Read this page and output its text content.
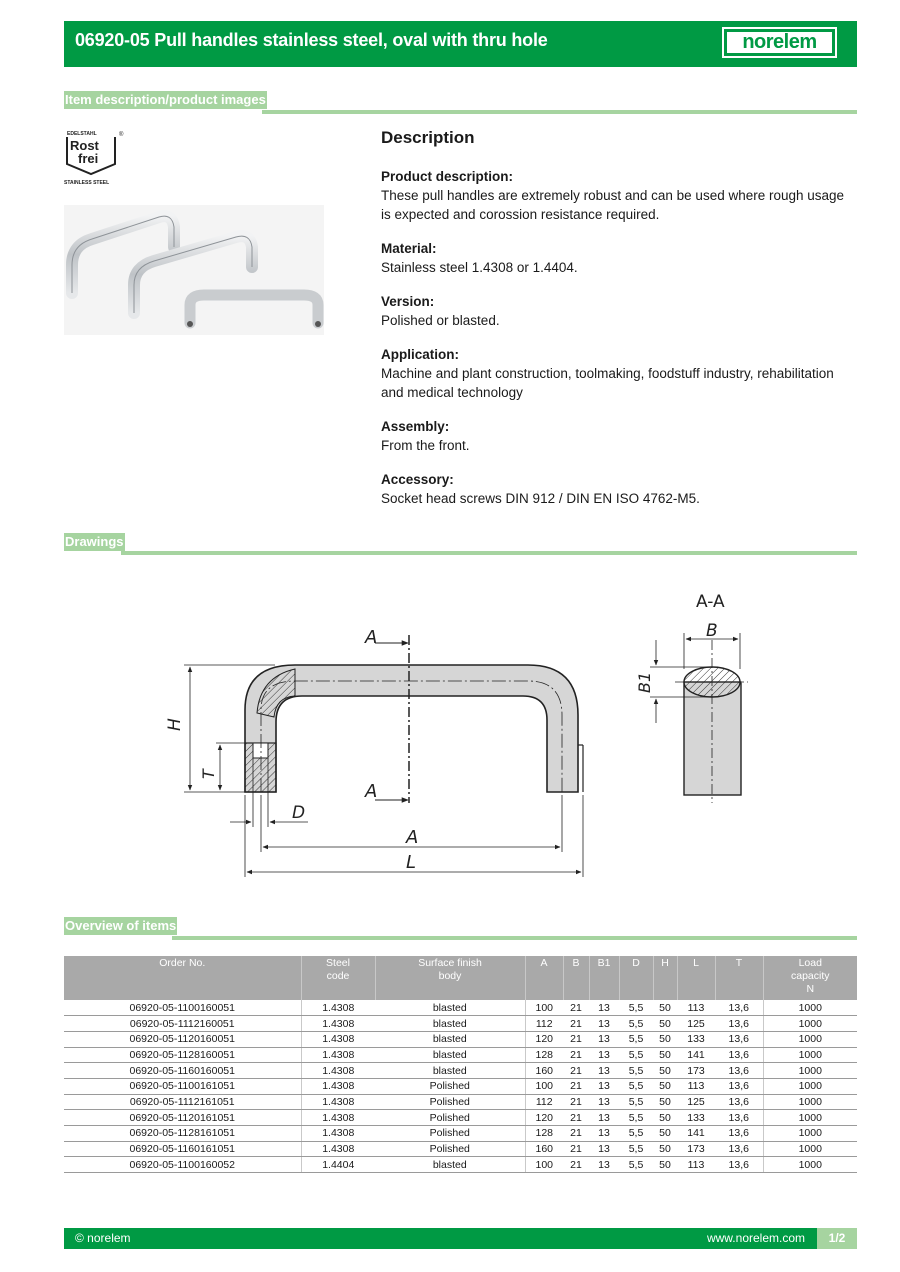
06920-05 Pull handles stainless steel, oval with thru hole	norelem
Item description/product images
EDELSTAHL	®
Rost
frei
STAINLESS STEEL
Description
Product description:
These pull handles are extremely robust and can be used where rough usage is expected and corossion resistance required.
Material:
Stainless steel 1.4308 or 1.4404.
Version:
Polished or blasted.
Application:
Machine and plant construction, toolmaking, foodstuff industry, rehabilitation and medical technology
Assembly:
From the front.
Accessory:
Socket head screws DIN 912 / DIN EN ISO 4762-M5.
Drawings
A
A
H
T
D
A
L
A-A
B
B1
Overview of items
Order No.	Steel
code	Surface finish
body	A	B	B1	D	H	L	T	Load
capacity
N
06920-05-1100160051	1.4308	blasted	100	21	13	5,5	50	113	13,6	1000
06920-05-1112160051	1.4308	blasted	112	21	13	5,5	50	125	13,6	1000
06920-05-1120160051	1.4308	blasted	120	21	13	5,5	50	133	13,6	1000
06920-05-1128160051	1.4308	blasted	128	21	13	5,5	50	141	13,6	1000
06920-05-1160160051	1.4308	blasted	160	21	13	5,5	50	173	13,6	1000
06920-05-1100161051	1.4308	Polished	100	21	13	5,5	50	113	13,6	1000
06920-05-1112161051	1.4308	Polished	112	21	13	5,5	50	125	13,6	1000
06920-05-1120161051	1.4308	Polished	120	21	13	5,5	50	133	13,6	1000
06920-05-1128161051	1.4308	Polished	128	21	13	5,5	50	141	13,6	1000
06920-05-1160161051	1.4308	Polished	160	21	13	5,5	50	173	13,6	1000
06920-05-1100160052	1.4404	blasted	100	21	13	5,5	50	113	13,6	1000
© norelem	www.norelem.com	1/2
